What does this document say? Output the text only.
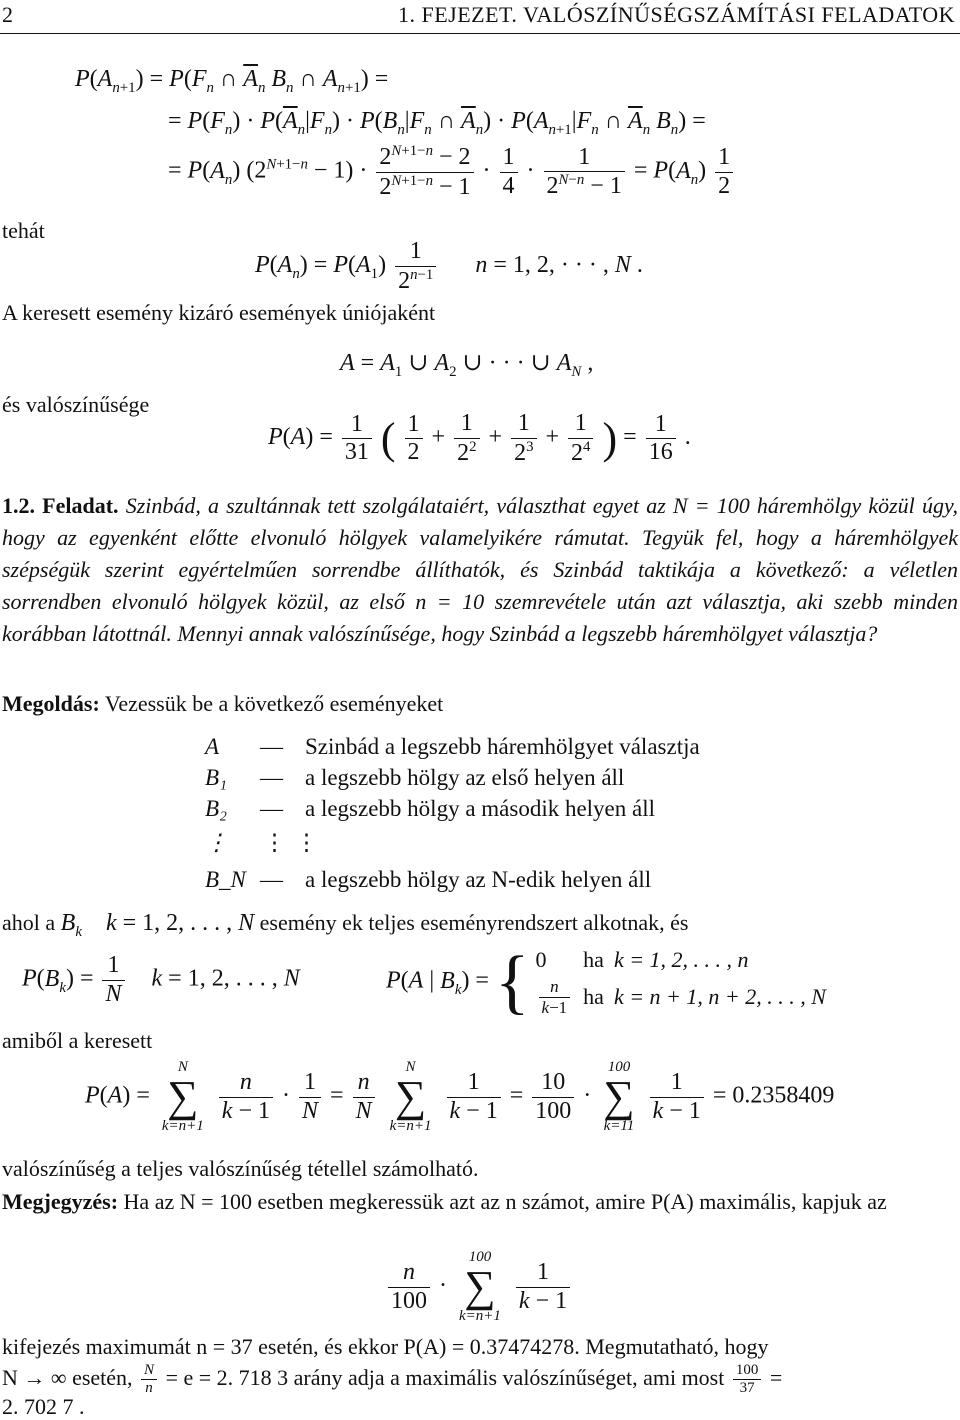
2	1. FEJEZET. VALÓSZÍNŰSÉGSZÁMÍTÁSI FELADATOK
$P(A_{n+1}) = P(F_n$ ∩ $\overline{A}_n$ $B_n$ ∩ $A_{n+1}$) =
= $P(F_n) \cdot P(\overline{A}_n|F_n) \cdot P(B_n|F_n$ ∩ $\overline{A}_n) \cdot P(A_{n+1}|F_n$ ∩ $\overline{A}_n$ $B_n$) =
= $P(A_n) (2^{N+1-n} - 1) \cdot \frac{2^{N+1-n} - 2}{2^{N+1-n} - 1} \cdot \frac{1}{4} \cdot \frac{1}{2^{N-n} - 1} = P(A_n) \frac{1}{2}$
tehát
$P(A_n) = P(A_1) \frac{1}{2^{n-1}}$ n = 1, 2, · · · , N .
A keresett esemény kizáró események úniójaként
$A = A_1$ ∪ $A_2$ ∪ · · · ∪ $A_N$ ,
és valószínűsége
$P(A) = \frac{1}{31}$ ( $\frac{1}{2} + \frac{1}{2^2} + \frac{1}{2^3} + \frac{1}{2^4}$ ) = $\frac{1}{16}$ .
1.2. Feladat. Szinbád, a szultánnak tett szolgálataiért, választhat egyet az N = 100 háremhölgy közül úgy, hogy az egyenként előtte elvonuló hölgyek valamelyikére rámutat. Tegyük fel, hogy a háremhölgyek szépségük szerint egyértelműen sorrendbe állíthatók, és Szinbád taktikája a következő: a véletlen sorrendben elvonuló hölgyek közül, az első n = 10 szemrevétele után azt választja, aki szebb minden korábban látottnál. Mennyi annak valószínűsége, hogy Szinbád a legszebb háremhölgyet választja?
Megoldás: Vezessük be a következő eseményeket
A — Szinbád a legszebb háremhölgyet választja
B₁ — a legszebb hölgy az első helyen áll
B₂ — a legszebb hölgy a második helyen áll
⋮ ⋮ ⋮
B_N — a legszebb hölgy az N-edik helyen áll
ahol a $B_k$ k = 1, 2, . . . , N esemény ek teljes eseményrendszert alkotnak, és
$P(B_k) = \frac{1}{N}$ k = 1, 2, . . . , N	P(A | $B_k$) = { 0	ha	k = 1, 2, . . . , n

$\frac{n}{k-1}$	ha	k = n + 1, n + 2, . . . , N
amiből a keresett
P(A) =
N
∑
k=n+1

$\frac{n}{k - 1} \cdot \frac{1}{N} = \frac{n}{N}$

N
∑
k=n+1

$\frac{1}{k - 1} = \frac{10}{100}$ ·
100
∑
k=11

$\frac{1}{k - 1} = 0.2358409$
valószínűség a teljes valószínűség tétellel számolható.
Megjegyzés: Ha az N = 100 esetben megkeressük azt az n számot, amire P(A) maximális, kapjuk az
$\frac{n}{100}$ ·
100
∑
k=n+1

$\frac{1}{k - 1}$
kifejezés maximumát n = 37 esetén, és ekkor P(A) = 0.37474278. Megmutatható, hogy
N → ∞ esetén, $\frac{N}{n} = e = 2$. 718 3 arány adja a maximális valószínűséget, ami most $\frac{100}{37}$ =
2. 702 7 .
